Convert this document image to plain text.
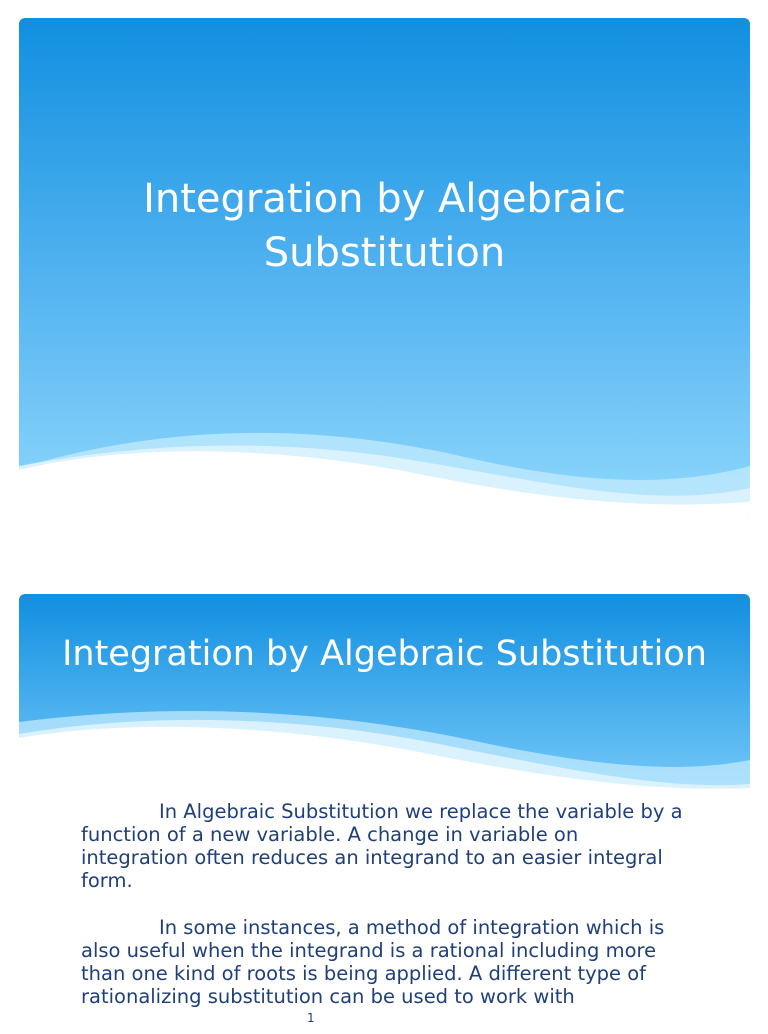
Integration by Algebraic
Substitution
Integration by Algebraic Substitution

In Algebraic Substitution we replace the variable by a function of a new variable. A change in variable on integration often reduces an integrand to an easier integral form.

In some instances, a method of integration which is also useful when the integrand is a rational including more than one kind of roots is being applied. A different type of rationalizing substitution can be used to work with

1
